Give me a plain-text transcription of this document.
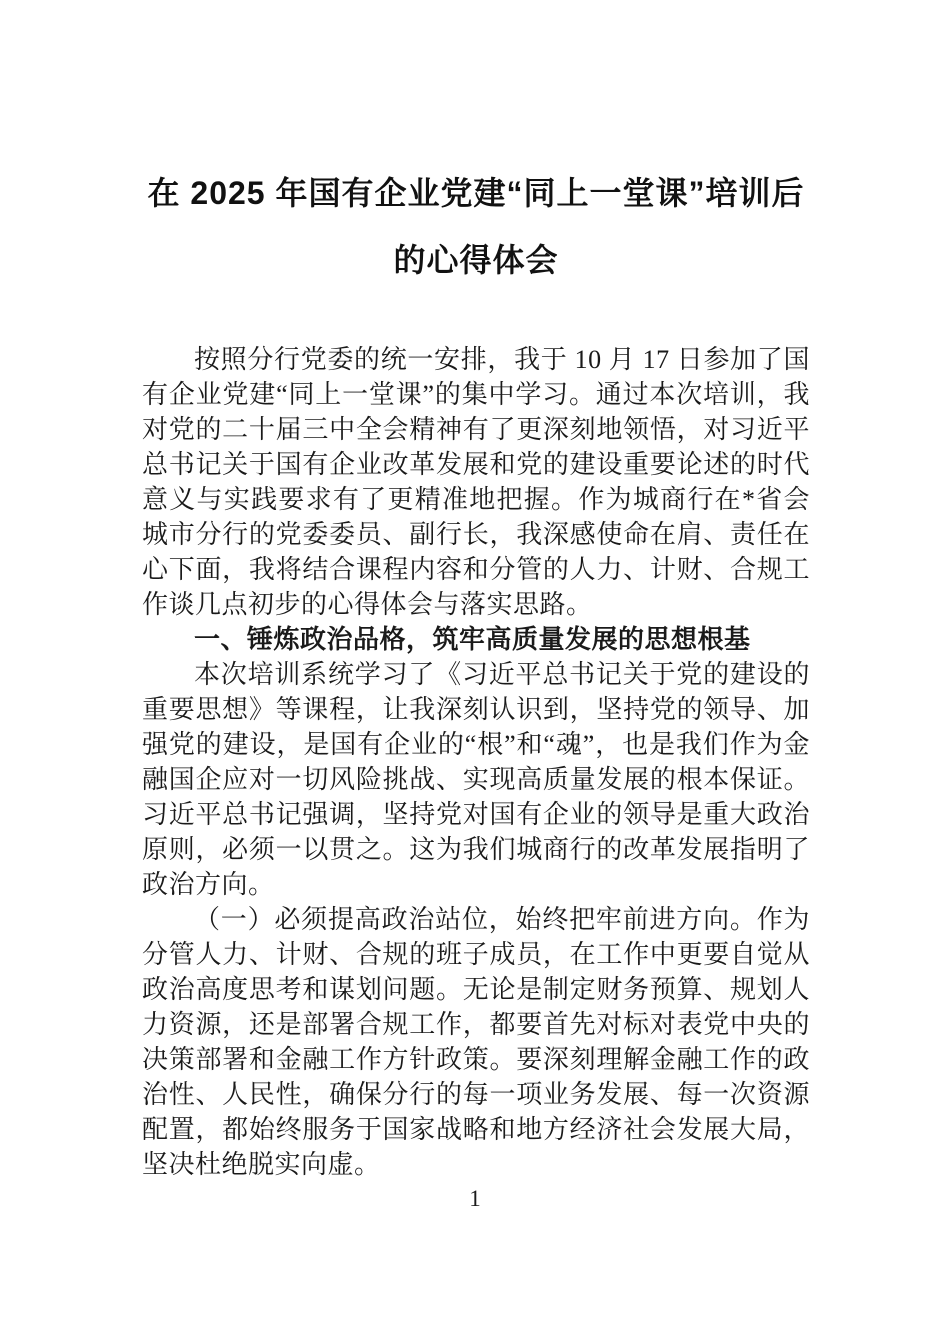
在 2025 年国有企业党建“同上一堂课”培训后的心得体会

按照分行党委的统一安排，我于 10 月 17 日参加了国有企业党建“同上一堂课”的集中学习。通过本次培训，我对党的二十届三中全会精神有了更深刻地领悟，对习近平总书记关于国有企业改革发展和党的建设重要论述的时代意义与实践要求有了更精准地把握。作为城商行在*省会城市分行的党委委员、副行长，我深感使命在肩、责任在心下面，我将结合课程内容和分管的人力、计财、合规工作谈几点初步的心得体会与落实思路。

一、锤炼政治品格，筑牢高质量发展的思想根基

本次培训系统学习了《习近平总书记关于党的建设的重要思想》等课程，让我深刻认识到，坚持党的领导、加强党的建设，是国有企业的“根”和“魂”，也是我们作为金融国企应对一切风险挑战、实现高质量发展的根本保证。习近平总书记强调，坚持党对国有企业的领导是重大政治原则，必须一以贯之。这为我们城商行的改革发展指明了政治方向。

（一）必须提高政治站位，始终把牢前进方向。作为分管人力、计财、合规的班子成员，在工作中更要自觉从政治高度思考和谋划问题。无论是制定财务预算、规划人力资源，还是部署合规工作，都要首先对标对表党中央的决策部署和金融工作方针政策。要深刻理解金融工作的政治性、人民性，确保分行的每一项业务发展、每一次资源配置，都始终服务于国家战略和地方经济社会发展大局，坚决杜绝脱实向虚。

1
